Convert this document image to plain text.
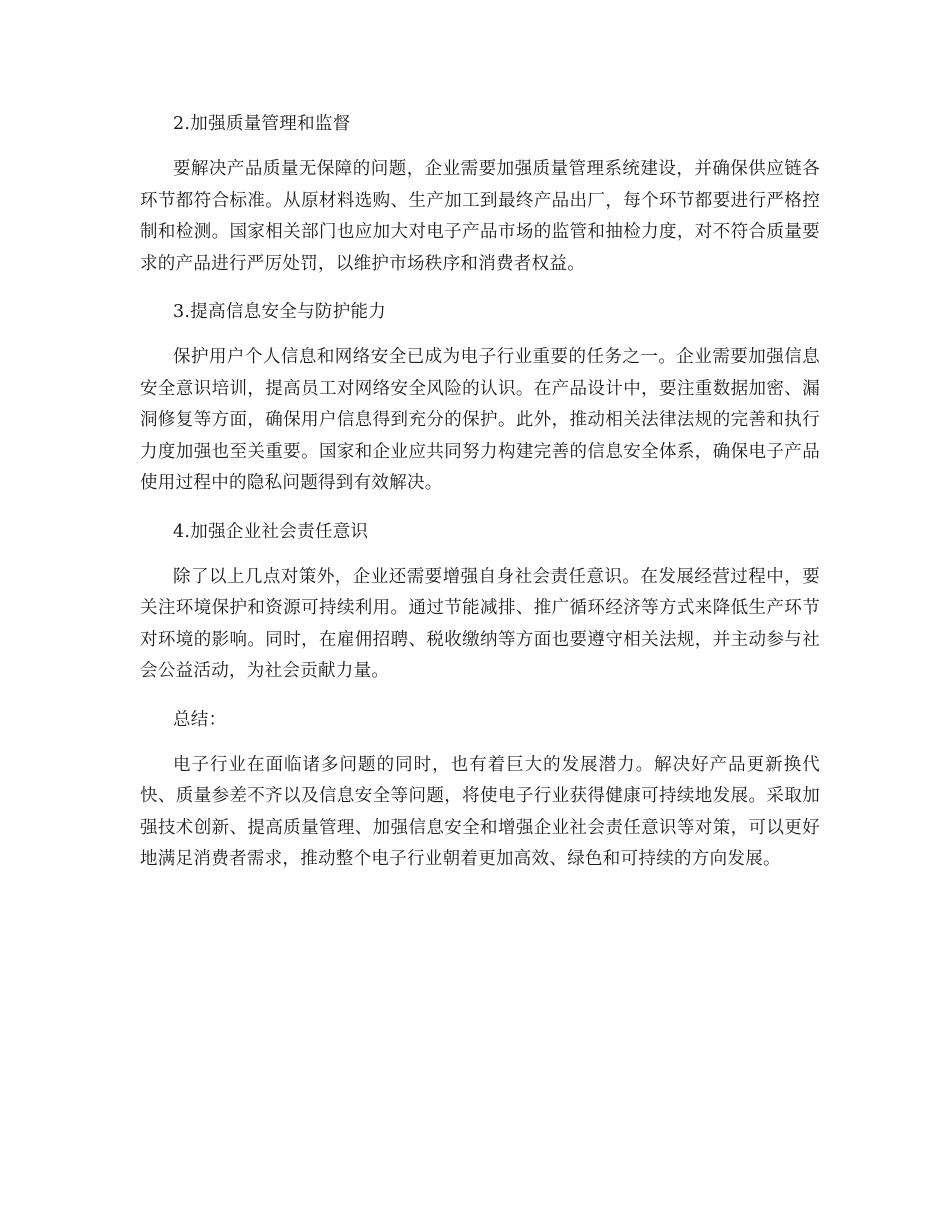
2.加强质量管理和监督

要解决产品质量无保障的问题，企业需要加强质量管理系统建设，并确保供应链各环节都符合标准。从原材料选购、生产加工到最终产品出厂，每个环节都要进行严格控制和检测。国家相关部门也应加大对电子产品市场的监管和抽检力度，对不符合质量要求的产品进行严厉处罚，以维护市场秩序和消费者权益。

3.提高信息安全与防护能力

保护用户个人信息和网络安全已成为电子行业重要的任务之一。企业需要加强信息安全意识培训，提高员工对网络安全风险的认识。在产品设计中，要注重数据加密、漏洞修复等方面，确保用户信息得到充分的保护。此外，推动相关法律法规的完善和执行力度加强也至关重要。国家和企业应共同努力构建完善的信息安全体系，确保电子产品使用过程中的隐私问题得到有效解决。

4.加强企业社会责任意识

除了以上几点对策外，企业还需要增强自身社会责任意识。在发展经营过程中，要关注环境保护和资源可持续利用。通过节能减排、推广循环经济等方式来降低生产环节对环境的影响。同时，在雇佣招聘、税收缴纳等方面也要遵守相关法规，并主动参与社会公益活动，为社会贡献力量。

总结：

电子行业在面临诸多问题的同时，也有着巨大的发展潜力。解决好产品更新换代快、质量参差不齐以及信息安全等问题，将使电子行业获得健康可持续地发展。采取加强技术创新、提高质量管理、加强信息安全和增强企业社会责任意识等对策，可以更好地满足消费者需求，推动整个电子行业朝着更加高效、绿色和可持续的方向发展。
